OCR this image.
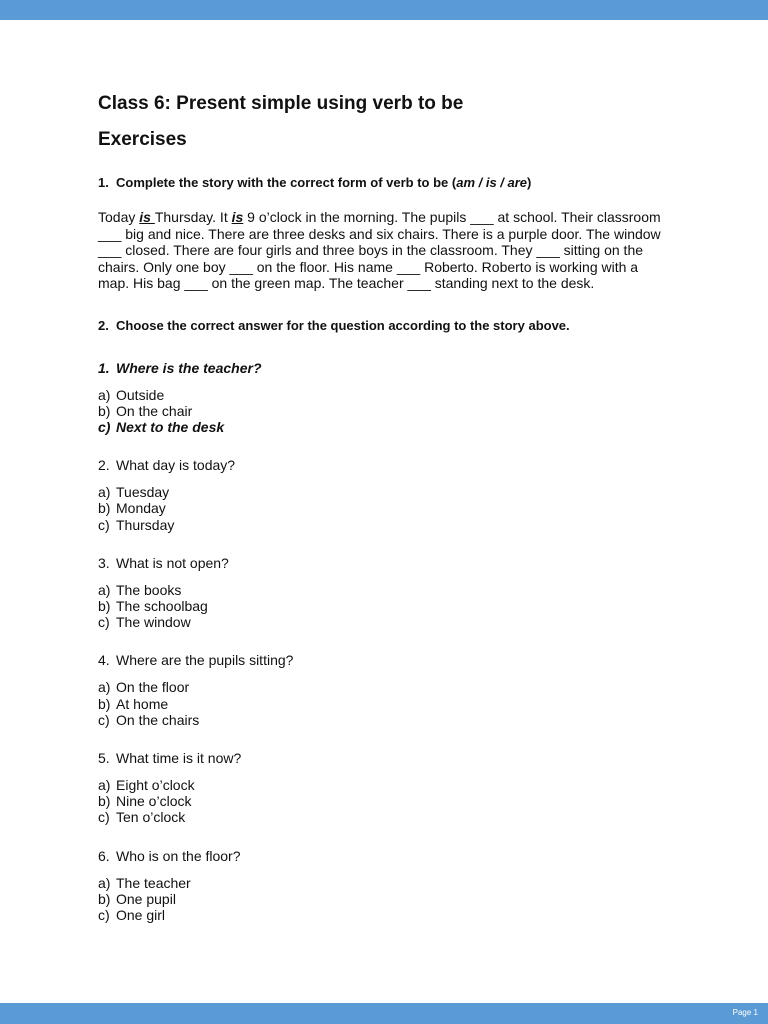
Class 6: Present simple using verb to be
Exercises
1. Complete the story with the correct form of verb to be (am / is / are)

Today is Thursday. It is 9 o’clock in the morning. The pupils ___ at school. Their classroom ___ big and nice. There are three desks and six chairs. There is a purple door. The window ___ closed. There are four girls and three boys in the classroom. They ___ sitting on the chairs. Only one boy ___ on the floor. His name ___ Roberto. Roberto is working with a map. His bag ___ on the green map. The teacher ___ standing next to the desk.

2. Choose the correct answer for the question according to the story above.
1. Where is the teacher?
a) Outside
b) On the chair
c) Next to the desk
2. What day is today?
a) Tuesday
b) Monday
c) Thursday
3. What is not open?
a) The books
b) The schoolbag
c) The window
4. Where are the pupils sitting?
a) On the floor
b) At home
c) On the chairs
5. What time is it now?
a) Eight o’clock
b) Nine o’clock
c) Ten o’clock
6. Who is on the floor?
a) The teacher
b) One pupil
c) One girl
Page 1
